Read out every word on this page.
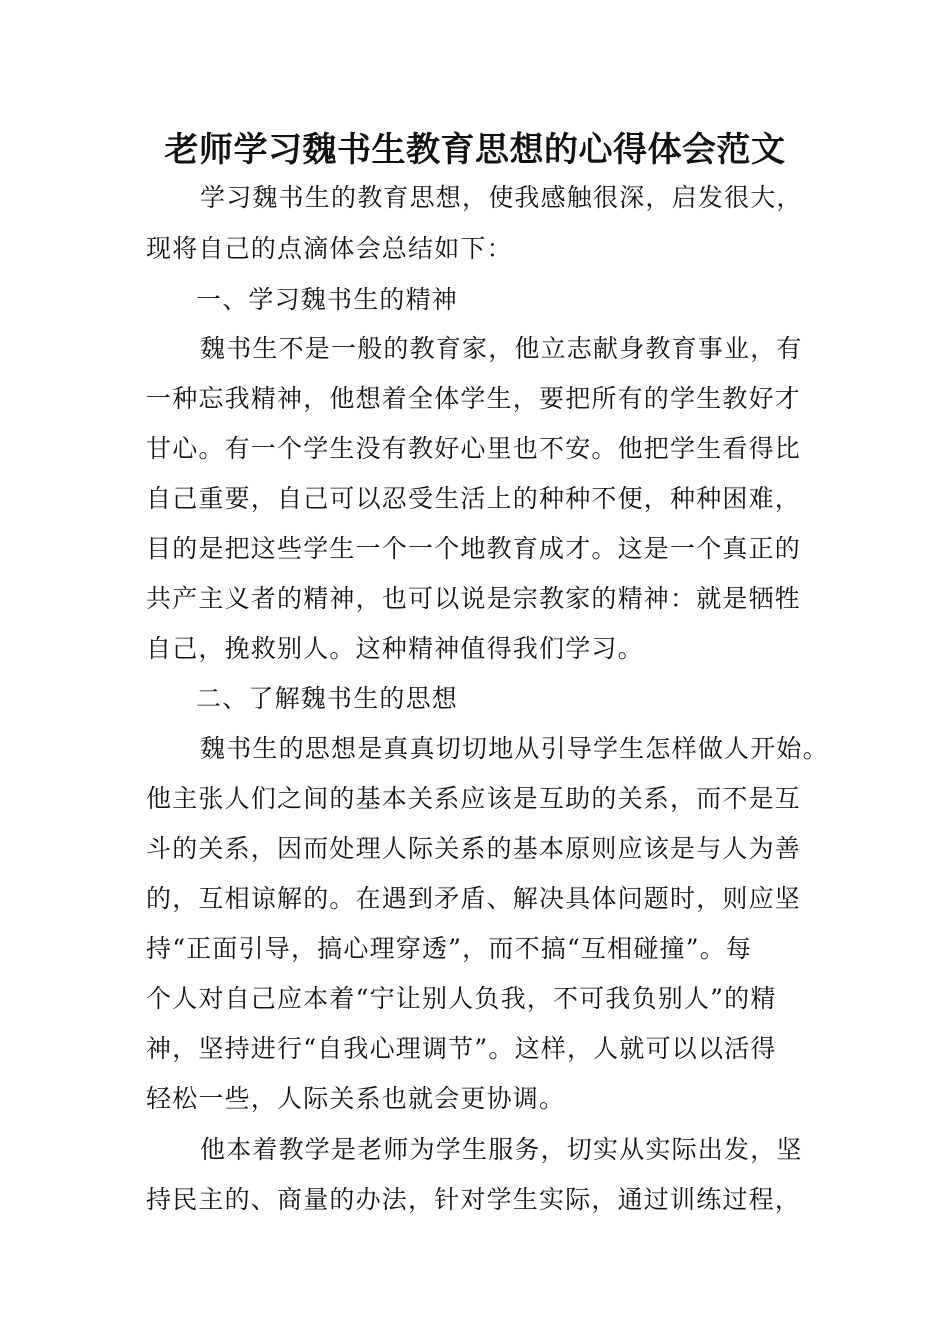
老师学习魏书生教育思想的心得体会范文
学习魏书生的教育思想，使我感触很深，启发很大，
现将自己的点滴体会总结如下：
一、学习魏书生的精神
魏书生不是一般的教育家，他立志献身教育事业，有
一种忘我精神，他想着全体学生，要把所有的学生教好才
甘心。有一个学生没有教好心里也不安。他把学生看得比
自己重要，自己可以忍受生活上的种种不便，种种困难，
目的是把这些学生一个一个地教育成才。这是一个真正的
共产主义者的精神，也可以说是宗教家的精神：就是牺牲
自己，挽救别人。这种精神值得我们学习。
二、了解魏书生的思想
魏书生的思想是真真切切地从引导学生怎样做人开始。
他主张人们之间的基本关系应该是互助的关系，而不是互
斗的关系，因而处理人际关系的基本原则应该是与人为善
的，互相谅解的。在遇到矛盾、解决具体问题时，则应坚
持“正面引导，搞心理穿透”，而不搞“互相碰撞”。每
个人对自己应本着“宁让别人负我，不可我负别人”的精
神，坚持进行“自我心理调节”。这样，人就可以以活得
轻松一些，人际关系也就会更协调。
他本着教学是老师为学生服务，切实从实际出发，坚
持民主的、商量的办法，针对学生实际，通过训练过程，
